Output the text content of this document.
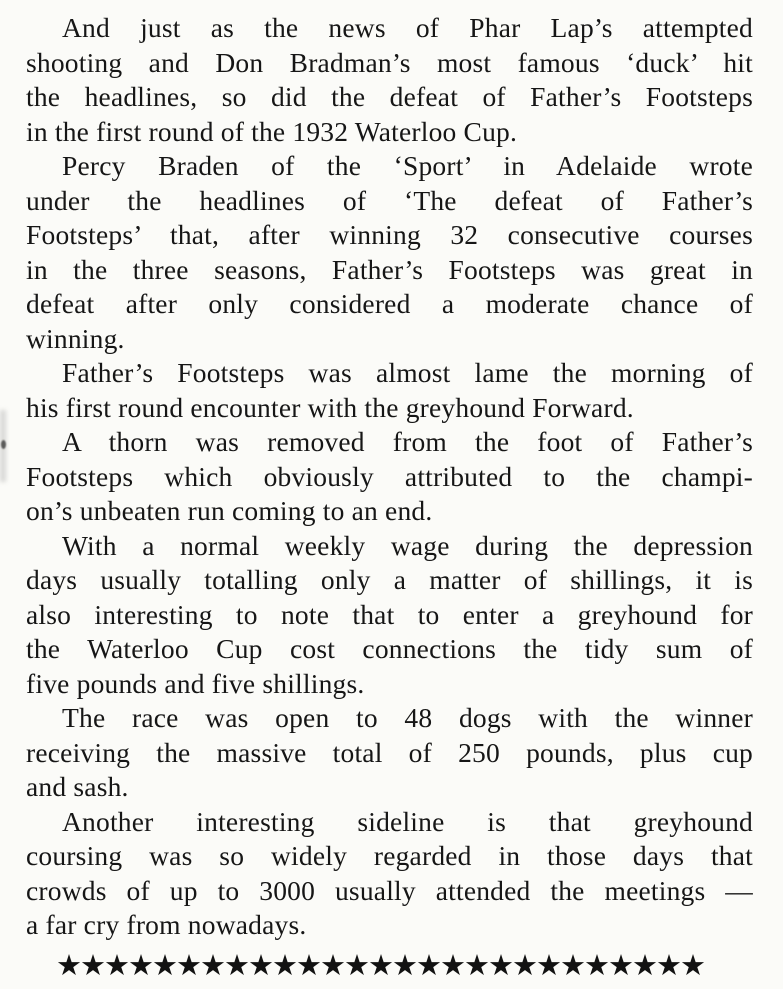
And just as the news of Phar Lap’s attempted
shooting and Don Bradman’s most famous ‘duck’ hit
the headlines, so did the defeat of Father’s Footsteps
in the first round of the 1932 Waterloo Cup.

Percy Braden of the ‘Sport’ in Adelaide wrote
under the headlines of ‘The defeat of Father’s
Footsteps’ that, after winning 32 consecutive courses
in the three seasons, Father’s Footsteps was great in
defeat after only considered a moderate chance of
winning.

Father’s Footsteps was almost lame the morning of
his first round encounter with the greyhound Forward.

A thorn was removed from the foot of Father’s
Footsteps which obviously attributed to the champi-
on’s unbeaten run coming to an end.

With a normal weekly wage during the depression
days usually totalling only a matter of shillings, it is
also interesting to note that to enter a greyhound for
the Waterloo Cup cost connections the tidy sum of
five pounds and five shillings.

The race was open to 48 dogs with the winner
receiving the massive total of 250 pounds, plus cup
and sash.

Another interesting sideline is that greyhound
coursing was so widely regarded in those days that
crowds of up to 3000 usually attended the meetings —
a far cry from nowadays.

★★★★★★★★★★★★★★★★★★★★★★★★★★★
